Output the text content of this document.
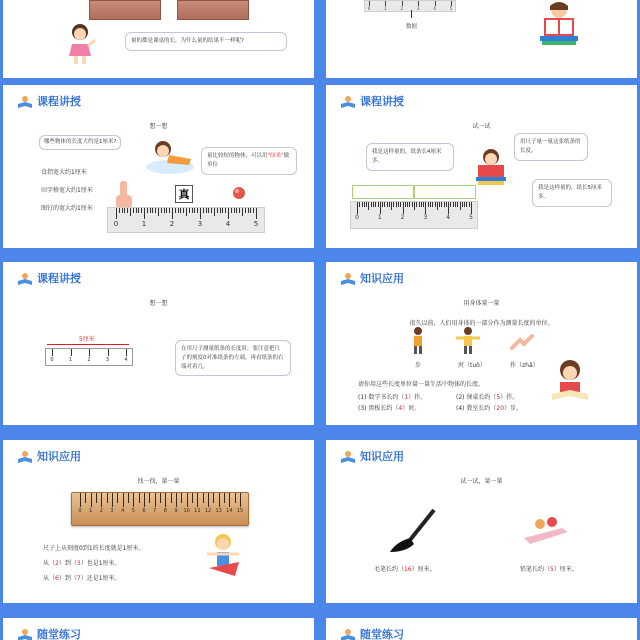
量的都是课桌的长，为什么量的结果不一样呢?
0	1	2	3	4	5
数据
课程讲授
想一想
哪些物体的长度大约是1厘米?
食指宽大约1厘米
田字格宽大约1厘米
图钉的宽大约1厘米
量比较短的物体，可以用"厘米"做单位
真
0	1	2	3	4	5
课程讲授
试一试
我是这样量的，纸条长4厘米多。
用尺子量一量这张纸条的长度。
我是这样量的，纸长5厘米多。
0	1	2	3	4	5
课程讲授
想一想
5厘米
0	1	2	3	4
在用尺子测量纸条的长度时，要注意把尺子的刻度0对准纸条的左端，再看纸条的右端对着几。
知识应用
用身体量一量
很久以前，人们用身体的一部分作为测量长度的单位。
步	庹（tuǒ）	拃（zhǎ）
请你用这些长度单位量一量生活中物体的长度。
(1) 数学书长约（1）拃。	(2) 课桌长约（5）拃。
(3) 黑板长约（4）庹。	(4) 教室长约（20）步。
知识应用
找一找，量一量
0	1	2	3	4	5	6	7	8	9	10 11 12 13 14 15
尺子上从刻度0到1的长度就是1厘米。
从（2）到（3）也是1厘米。
从（6）到（7）还是1厘米。
知识应用
试一试，量一量
毛笔长约（16）厘米。	铅笔长约（5）厘米。
随堂练习	随堂练习
